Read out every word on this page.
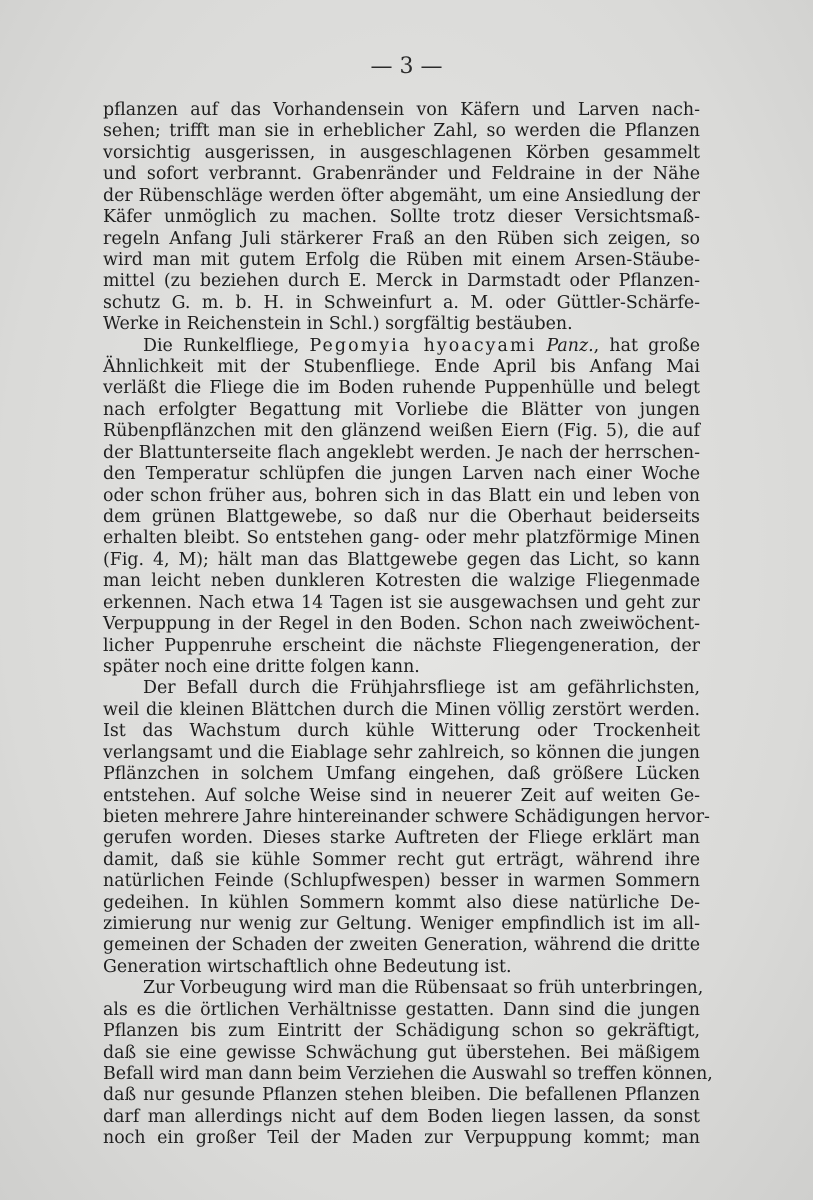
— 3 —
pflanzen auf das Vorhandensein von Käfern und Larven nach-
sehen; trifft man sie in erheblicher Zahl, so werden die Pflanzen
vorsichtig ausgerissen, in ausgeschlagenen Körben gesammelt
und sofort verbrannt. Grabenränder und Feldraine in der Nähe
der Rübenschläge werden öfter abgemäht, um eine Ansiedlung der
Käfer unmöglich zu machen. Sollte trotz dieser Versichtsmaß-
regeln Anfang Juli stärkerer Fraß an den Rüben sich zeigen, so
wird man mit gutem Erfolg die Rüben mit einem Arsen-Stäube-
mittel (zu beziehen durch E. Merck in Darmstadt oder Pflanzen-
schutz G. m. b. H. in Schweinfurt a. M. oder Güttler-Schärfe-
Werke in Reichenstein in Schl.) sorgfältig bestäuben.
Die Runkelfliege, Pegomyia hyoacyami Panz., hat große
Ähnlichkeit mit der Stubenfliege. Ende April bis Anfang Mai
verläßt die Fliege die im Boden ruhende Puppenhülle und belegt
nach erfolgter Begattung mit Vorliebe die Blätter von jungen
Rübenpflänzchen mit den glänzend weißen Eiern (Fig. 5), die auf
der Blattunterseite flach angeklebt werden. Je nach der herrschen-
den Temperatur schlüpfen die jungen Larven nach einer Woche
oder schon früher aus, bohren sich in das Blatt ein und leben von
dem grünen Blattgewebe, so daß nur die Oberhaut beiderseits
erhalten bleibt. So entstehen gang- oder mehr platzförmige Minen
(Fig. 4, M); hält man das Blattgewebe gegen das Licht, so kann
man leicht neben dunkleren Kotresten die walzige Fliegenmade
erkennen. Nach etwa 14 Tagen ist sie ausgewachsen und geht zur
Verpuppung in der Regel in den Boden. Schon nach zweiwöchent-
licher Puppenruhe erscheint die nächste Fliegengeneration, der
später noch eine dritte folgen kann.
Der Befall durch die Frühjahrsfliege ist am gefährlichsten,
weil die kleinen Blättchen durch die Minen völlig zerstört werden.
Ist das Wachstum durch kühle Witterung oder Trockenheit
verlangsamt und die Eiablage sehr zahlreich, so können die jungen
Pflänzchen in solchem Umfang eingehen, daß größere Lücken
entstehen. Auf solche Weise sind in neuerer Zeit auf weiten Ge-
bieten mehrere Jahre hintereinander schwere Schädigungen hervor-
gerufen worden. Dieses starke Auftreten der Fliege erklärt man
damit, daß sie kühle Sommer recht gut erträgt, während ihre
natürlichen Feinde (Schlupfwespen) besser in warmen Sommern
gedeihen. In kühlen Sommern kommt also diese natürliche De-
zimierung nur wenig zur Geltung. Weniger empfindlich ist im all-
gemeinen der Schaden der zweiten Generation, während die dritte
Generation wirtschaftlich ohne Bedeutung ist.
Zur Vorbeugung wird man die Rübensaat so früh unterbringen,
als es die örtlichen Verhältnisse gestatten. Dann sind die jungen
Pflanzen bis zum Eintritt der Schädigung schon so gekräftigt,
daß sie eine gewisse Schwächung gut überstehen. Bei mäßigem
Befall wird man dann beim Verziehen die Auswahl so treffen können,
daß nur gesunde Pflanzen stehen bleiben. Die befallenen Pflanzen
darf man allerdings nicht auf dem Boden liegen lassen, da sonst
noch ein großer Teil der Maden zur Verpuppung kommt; man
